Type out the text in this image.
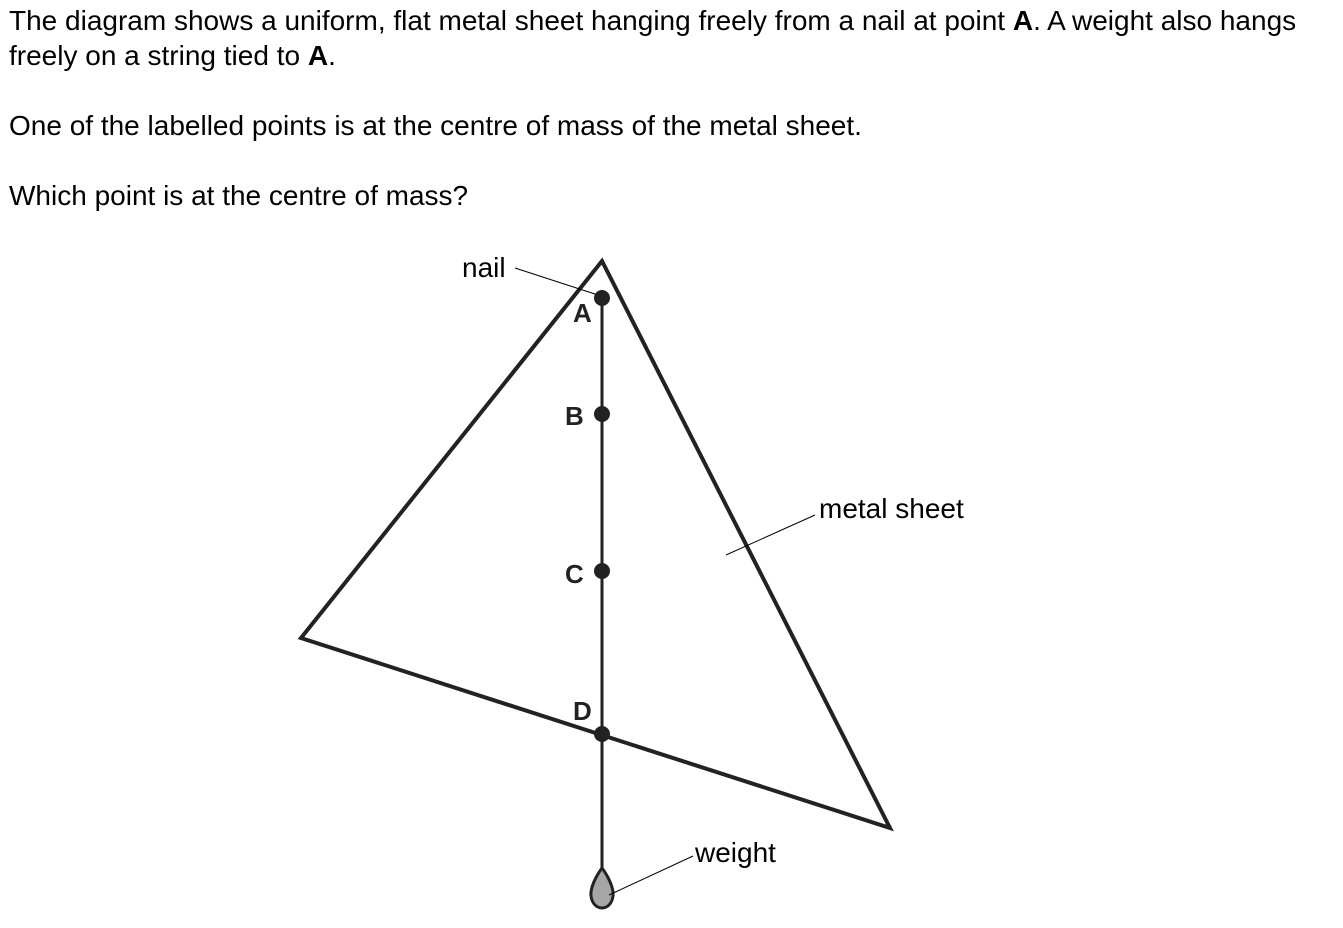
The diagram shows a uniform, flat metal sheet hanging freely from a nail at point A. A weight also hangs freely on a string tied to A.

One of the labelled points is at the centre of mass of the metal sheet.

Which point is at the centre of mass?

A
B
C
D
nail
metal sheet
weight
